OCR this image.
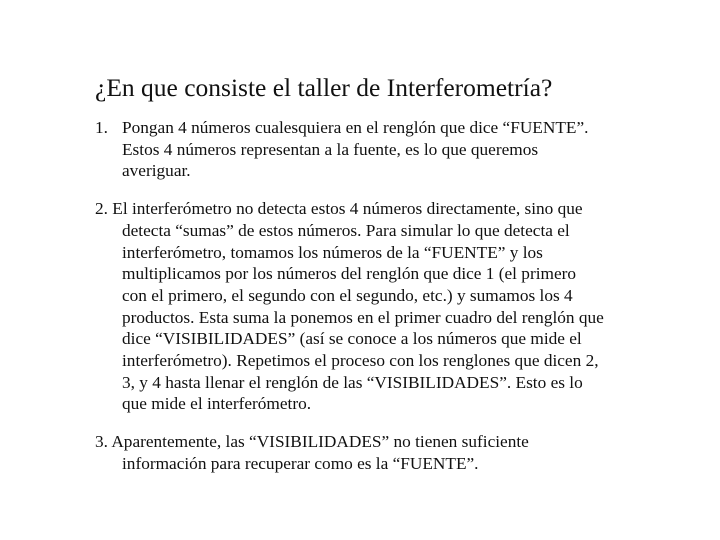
¿En que consiste el taller de Interferometría?
1. Pongan 4 números cualesquiera en el renglón que dice “FUENTE”.
Estos 4 números representan a la fuente, es lo que queremos
averiguar.
2. El interferómetro no detecta estos 4 números directamente, sino que
detecta “sumas” de estos números. Para simular lo que detecta el
interferómetro, tomamos los números de la “FUENTE” y los
multiplicamos por los números del renglón que dice 1 (el primero
con el primero, el segundo con el segundo, etc.) y sumamos los 4
productos. Esta suma la ponemos en el primer cuadro del renglón que
dice “VISIBILIDADES” (así se conoce a los números que mide el
interferómetro). Repetimos el proceso con los renglones que dicen 2,
3, y 4 hasta llenar el renglón de las “VISIBILIDADES”. Esto es lo
que mide el interferómetro.
3. Aparentemente, las “VISIBILIDADES” no tienen suficiente
información para recuperar como es la “FUENTE”.
